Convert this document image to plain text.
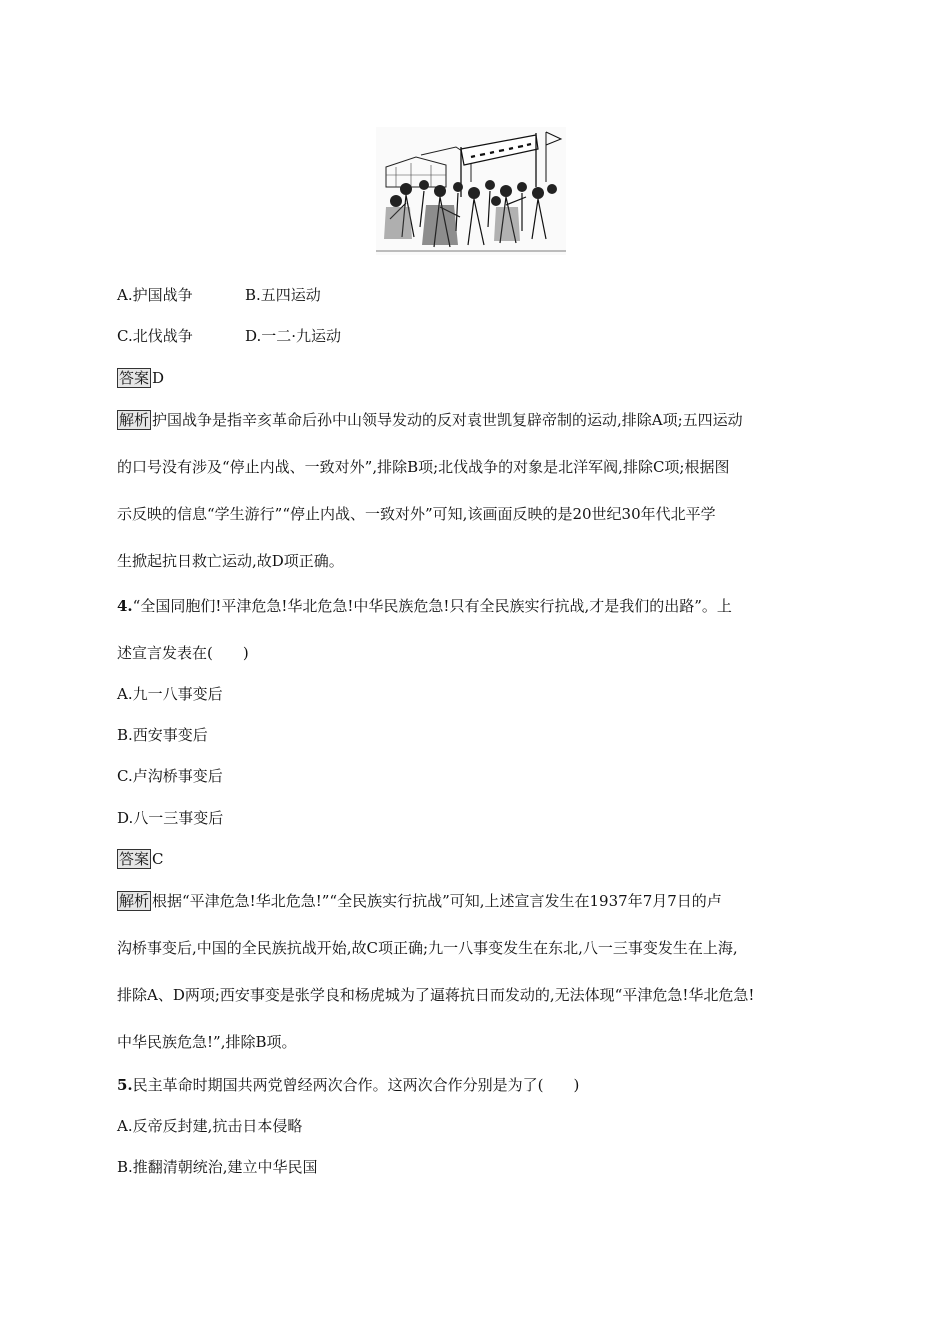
A.护国战争	B.五四运动
C.北伐战争	D.一二·九运动
答案 D
解析 护国战争是指辛亥革命后孙中山领导发动的反对袁世凯复辟帝制的运动,排除A项;五四运动
的口号没有涉及“停止内战、一致对外”,排除B项;北伐战争的对象是北洋军阀,排除C项;根据图
示反映的信息“学生游行”“停止内战、一致对外”可知,该画面反映的是20世纪30年代北平学
生掀起抗日救亡运动,故D项正确。
4.“全国同胞们!平津危急!华北危急!中华民族危急!只有全民族实行抗战,才是我们的出路”。上
述宣言发表在(　　)
A.九一八事变后
B.西安事变后
C.卢沟桥事变后
D.八一三事变后
答案 C
解析 根据“平津危急!华北危急!”“全民族实行抗战”可知,上述宣言发生在1937年7月7日的卢
沟桥事变后,中国的全民族抗战开始,故C项正确;九一八事变发生在东北,八一三事变发生在上海,
排除A、D两项;西安事变是张学良和杨虎城为了逼蒋抗日而发动的,无法体现“平津危急!华北危急!
中华民族危急!”,排除B项。
5.民主革命时期国共两党曾经两次合作。这两次合作分别是为了(　　)
A.反帝反封建,抗击日本侵略
B.推翻清朝统治,建立中华民国
